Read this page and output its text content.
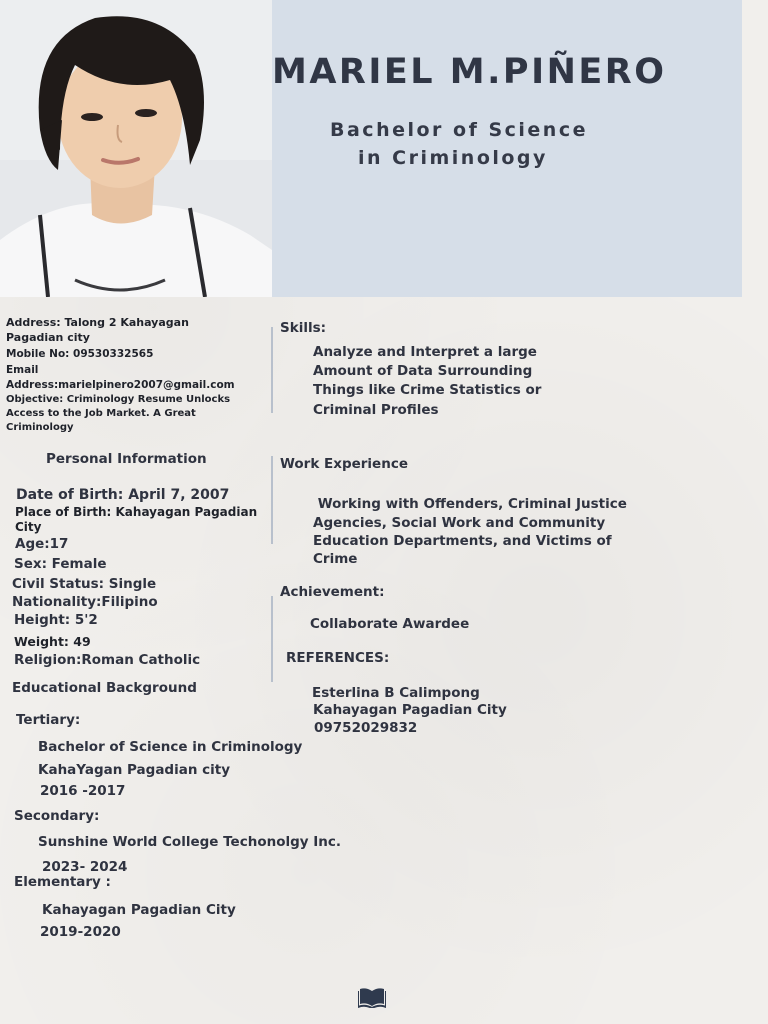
MARIEL M.PIÑERO
Bachelor of Science
in Criminology
Address: Talong 2 Kahayagan Pagadian city
Mobile No: 09530332565
Email
Address:marielpinero2007@gmail.com
Objective: Criminology Resume Unlocks Access to the Job Market. A Great Criminology
Personal Information
Date of Birth: April 7, 2007
Place of Birth: Kahayagan Pagadian City
Age:17
Sex: Female
Civil Status: Single
Nationality:Filipino
Height: 5'2
Weight: 49
Religion:Roman Catholic
Educational Background
Tertiary:
Bachelor of Science in Criminology
KahaYagan Pagadian city
2016 -2017
Secondary:
Sunshine World College Techonolgy Inc.
2023- 2024
Elementary :
Kahayagan Pagadian City
2019-2020
Skills:
Analyze and Interpret a large
Amount of Data Surrounding
Things like Crime Statistics or
Criminal Profiles
Work Experience
Working with Offenders, Criminal Justice
Agencies, Social Work and Community
Education Departments, and Victims of
Crime
Achievement:
Collaborate Awardee
REFERENCES:
Esterlina B Calimpong
Kahayagan Pagadian City
09752029832
